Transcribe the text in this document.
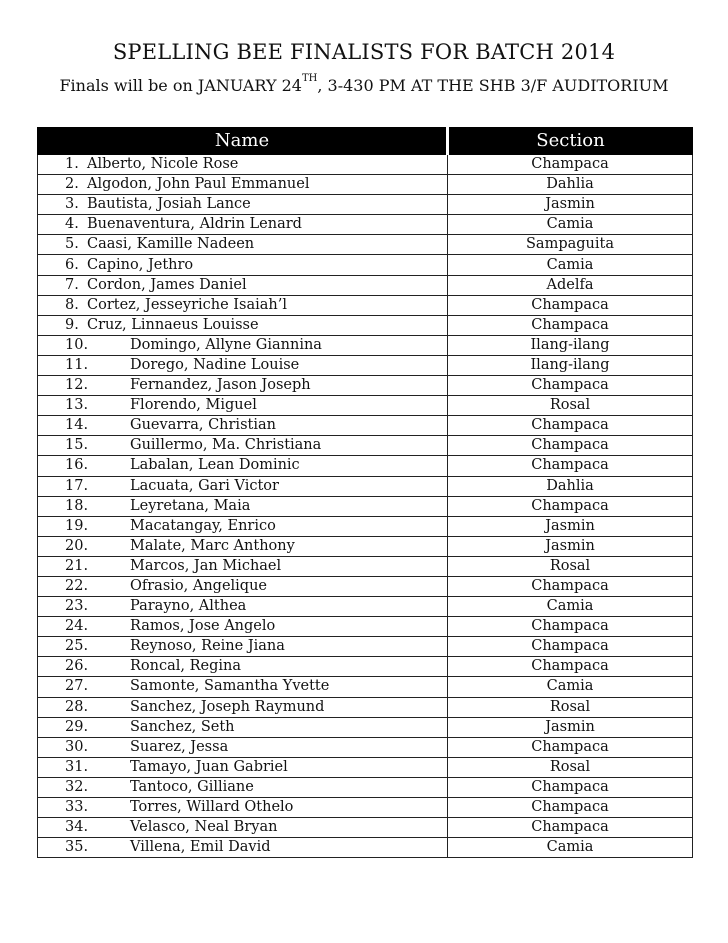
SPELLING BEE FINALISTS FOR BATCH 2014
Finals will be on JANUARY 24TH, 3-430 PM AT THE SHB 3/F AUDITORIUM
Name	Section
1. Alberto, Nicole Rose	Champaca
2. Algodon, John Paul Emmanuel	Dahlia
3. Bautista, Josiah Lance	Jasmin
4. Buenaventura, Aldrin Lenard	Camia
5. Caasi, Kamille Nadeen	Sampaguita
6. Capino, Jethro	Camia
7. Cordon, James Daniel	Adelfa
8. Cortez, Jesseyriche Isaiah’l	Champaca
9. Cruz, Linnaeus Louisse	Champaca
10. Domingo, Allyne Giannina	Ilang-ilang
11. Dorego, Nadine Louise	Ilang-ilang
12. Fernandez, Jason Joseph	Champaca
13. Florendo, Miguel	Rosal
14. Guevarra, Christian	Champaca
15. Guillermo, Ma. Christiana	Champaca
16. Labalan, Lean Dominic	Champaca
17. Lacuata, Gari Victor	Dahlia
18. Leyretana, Maia	Champaca
19. Macatangay, Enrico	Jasmin
20. Malate, Marc Anthony	Jasmin
21. Marcos, Jan Michael	Rosal
22. Ofrasio, Angelique	Champaca
23. Parayno, Althea	Camia
24. Ramos, Jose Angelo	Champaca
25. Reynoso, Reine Jiana	Champaca
26. Roncal, Regina	Champaca
27. Samonte, Samantha Yvette	Camia
28. Sanchez, Joseph Raymund	Rosal
29. Sanchez, Seth	Jasmin
30. Suarez, Jessa	Champaca
31. Tamayo, Juan Gabriel	Rosal
32. Tantoco, Gilliane	Champaca
33. Torres, Willard Othelo	Champaca
34. Velasco, Neal Bryan	Champaca
35. Villena, Emil David	Camia
